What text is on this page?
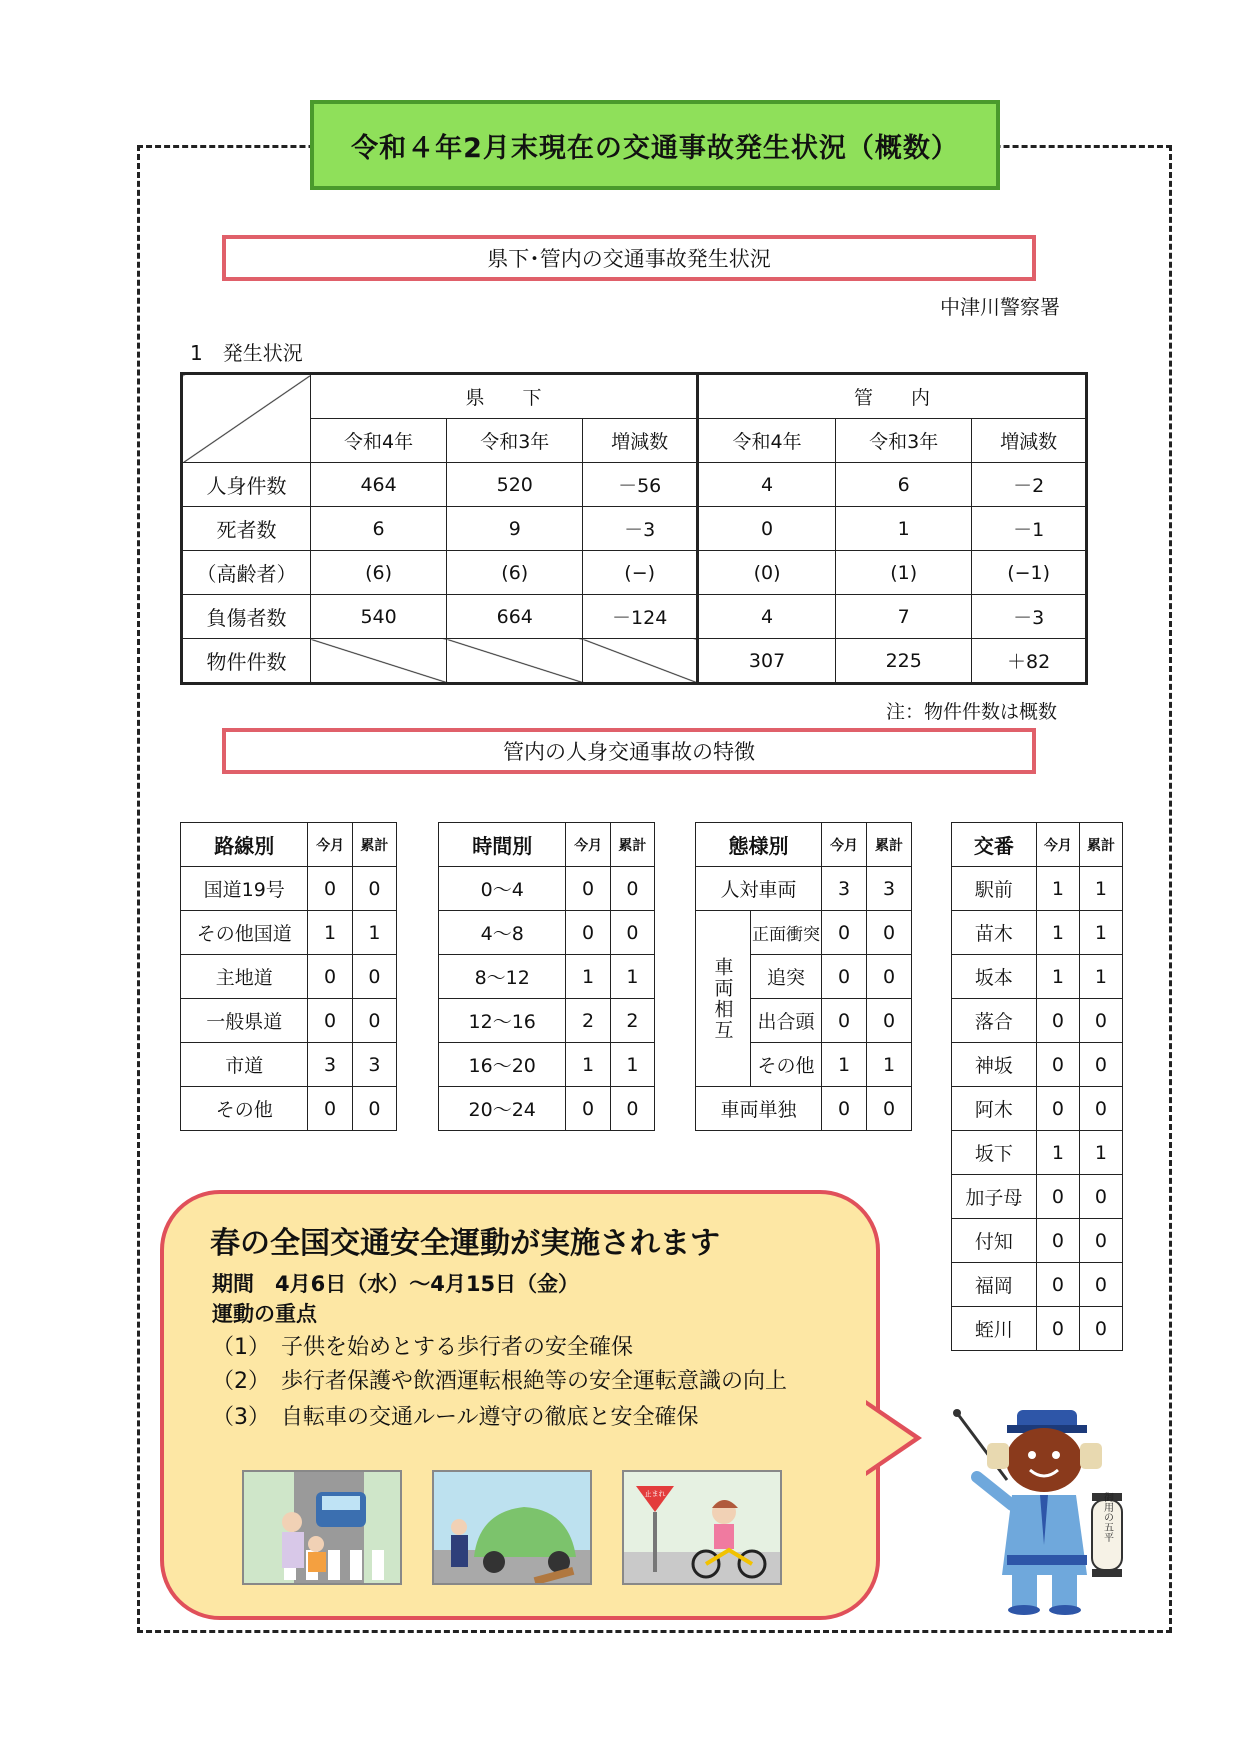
令和４年2月末現在の交通事故発生状況（概数）
県下･管内の交通事故発生状況
中津川警察署
1　発生状況
	県　　下			管　　内		
	令和4年	令和3年	増減数	令和4年	令和3年	増減数
人身件数	464	520	－56	4	6	－2
死者数	6	9	－3	0	1	－1
（高齢者）	(6)	(6)	(−)	(0)	(1)	(−1)
負傷者数	540	664	－124	4	7	－3
物件件数				307	225	＋82
注：物件件数は概数
管内の人身交通事故の特徴
路線別	今月	累計
国道19号	0	0
その他国道	1	1
主地道	0	0
一般県道	0	0
市道	3	3
その他	0	0
時間別	今月	累計
0～4	0	0
4～8	0	0
8～12	1	1
12～16	2	2
16～20	1	1
20～24	0	0
態様別		今月	累計
人対車両		3	3
車両相互	正面衝突	0	0
	追突	0	0
	出合頭	0	0
	その他	1	1
車両単独		0	0
交番	今月	累計
駅前	1	1
苗木	1	1
坂本	1	1
落合	0	0
神坂	0	0
阿木	0	0
坂下	1	1
加子母	0	0
付知	0	0
福岡	0	0
蛭川	0	0
春の全国交通安全運動が実施されます
期間　4月6日（水）～4月15日（金）
運動の重点
（1）　子供を始めとする歩行者の安全確保
（2）　歩行者保護や飲酒運転根絶等の安全運転意識の向上
（3）　自転車の交通ルール遵守の徹底と安全確保
止まれ	御用の五平
